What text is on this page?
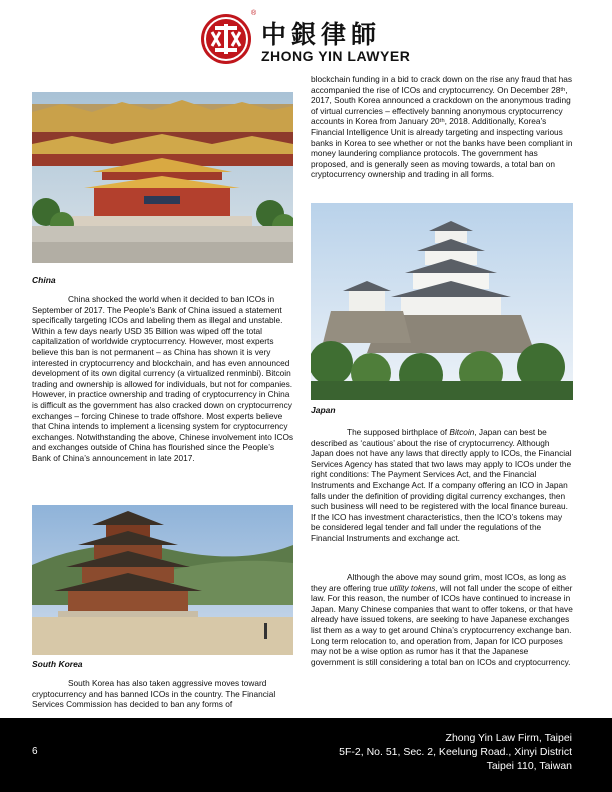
®
中銀律師
ZHONG YIN LAWYER
China

China shocked the world when it decided to ban ICOs in September of 2017. The People’s Bank of China issued a statement specifically targeting ICOs and labeling them as illegal and unstable. Within a few days nearly USD 35 Billion was wiped off the total capitalization of worldwide cryptocurrency. However, most experts believe this ban is not permanent – as China has shown it is very interested in cryptocurrency and blockchain, and has even announced development of its own digital currency (a virtualized renminbi). Bitcoin trading and ownership is allowed for individuals, but not for companies. However, in practice ownership and trading of cryptocurrency in China is difficult as the government has also cracked down on cryptocurrency exchanges – forcing Chinese to trade offshore. Most experts believe that China intends to implement a licensing system for cryptocurrency exchanges. Notwithstanding the above, Chinese involvement into ICOs and exchanges outside of China has flourished since the People’s Bank of China’s announcement in late 2017.

South Korea

South Korea has also taken aggressive moves toward cryptocurrency and has banned ICOs in the country. The Financial Services Commission has decided to ban any forms of

blockchain funding in a bid to crack down on the rise any fraud that has accompanied the rise of ICOs and cryptocurrency. On December 28ᵗʰ, 2017, South Korea announced a crackdown on the anonymous trading of virtual currencies – effectively banning anonymous cryptocurrency accounts in Korea from January 20ᵗʰ, 2018. Additionally, Korea’s Financial Intelligence Unit is already targeting and inspecting various banks in Korea to see whether or not the banks have been compliant in money laundering compliance protocols. The government has proposed, and is generally seen as moving towards, a total ban on cryptocurrency ownership and trading in all forms.

Japan

The supposed birthplace of Bitcoin, Japan can best be described as ‘cautious’ about the rise of cryptocurrency. Although Japan does not have any laws that directly apply to ICOs, the Financial Services Agency has stated that two laws may apply to ICOs under the right conditions: The Payment Services Act, and the Financial Instruments and Exchange Act. If a company offering an ICO in Japan falls under the definition of providing digital currency exchanges, then such business will need to be registered with the local finance bureau. If the ICO has investment characteristics, then the ICO’s tokens may be considered legal tender and fall under the regulations of the Financial Instruments and exchange act.

Although the above may sound grim, most ICOs, as long as they are offering true utility tokens, will not fall under the scope of either law. For this reason, the number of ICOs have continued to increase in Japan. Many Chinese companies that want to offer tokens, or that have already have issued tokens, are seeking to have Japanese exchanges list them as a way to get around China’s cryptocurrency exchange ban. Long term relocation to, and operation from, Japan for ICO purposes may not be a wise option as rumor has it that the Japanese government is still considering a total ban on ICOs and cryptocurrency.

6
Zhong Yin Law Firm, Taipei
5F-2, No. 51, Sec. 2, Keelung Road., Xinyi District
Taipei 110, Taiwan
